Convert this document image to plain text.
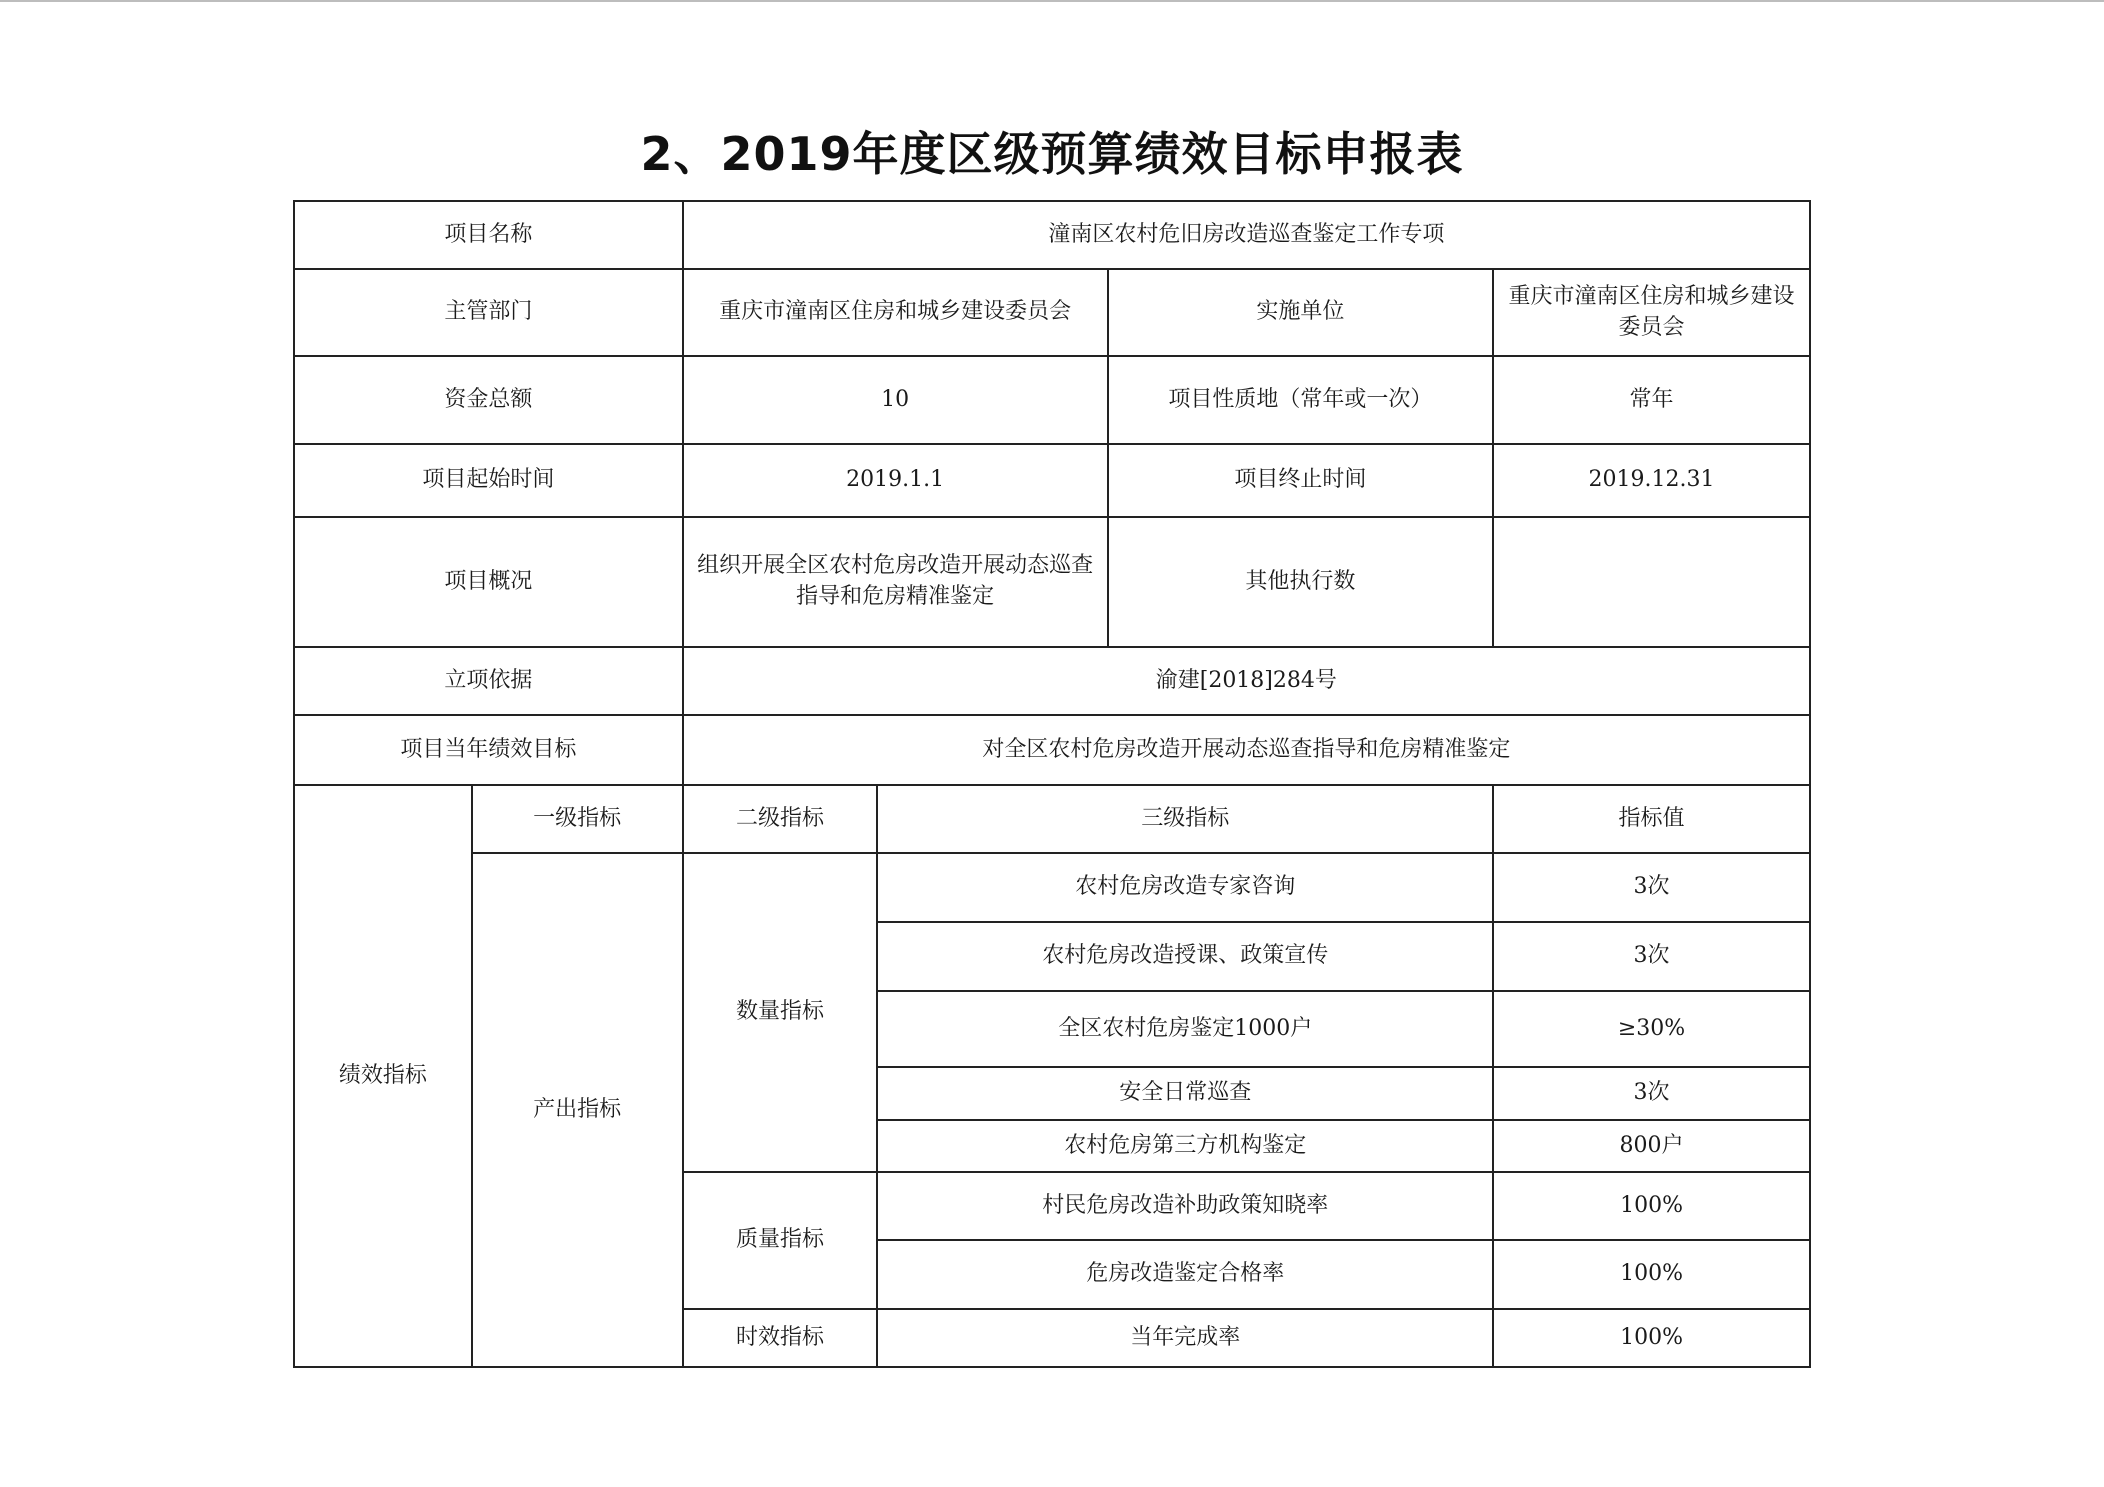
2、2019年度区级预算绩效目标申报表
项目名称		潼南区农村危旧房改造巡查鉴定工作专项			
主管部门		重庆市潼南区住房和城乡建设委员会		实施单位	重庆市潼南区住房和城乡建设委员会
资金总额		10		项目性质地（常年或一次）	常年
项目起始时间		2019.1.1		项目终止时间	2019.12.31
项目概况		组织开展全区农村危房改造开展动态巡查指导和危房精准鉴定		其他执行数	
立项依据		渝建[2018]284号			
项目当年绩效目标		对全区农村危房改造开展动态巡查指导和危房精准鉴定			
绩效指标	一级指标	二级指标	三级指标		指标值
	产出指标	数量指标	农村危房改造专家咨询		3次
			农村危房改造授课、政策宣传		3次
			全区农村危房鉴定1000户		≥30%
			安全日常巡查		3次
			农村危房第三方机构鉴定		800户
		质量指标	村民危房改造补助政策知晓率		100%
			危房改造鉴定合格率		100%
		时效指标	当年完成率		100%
